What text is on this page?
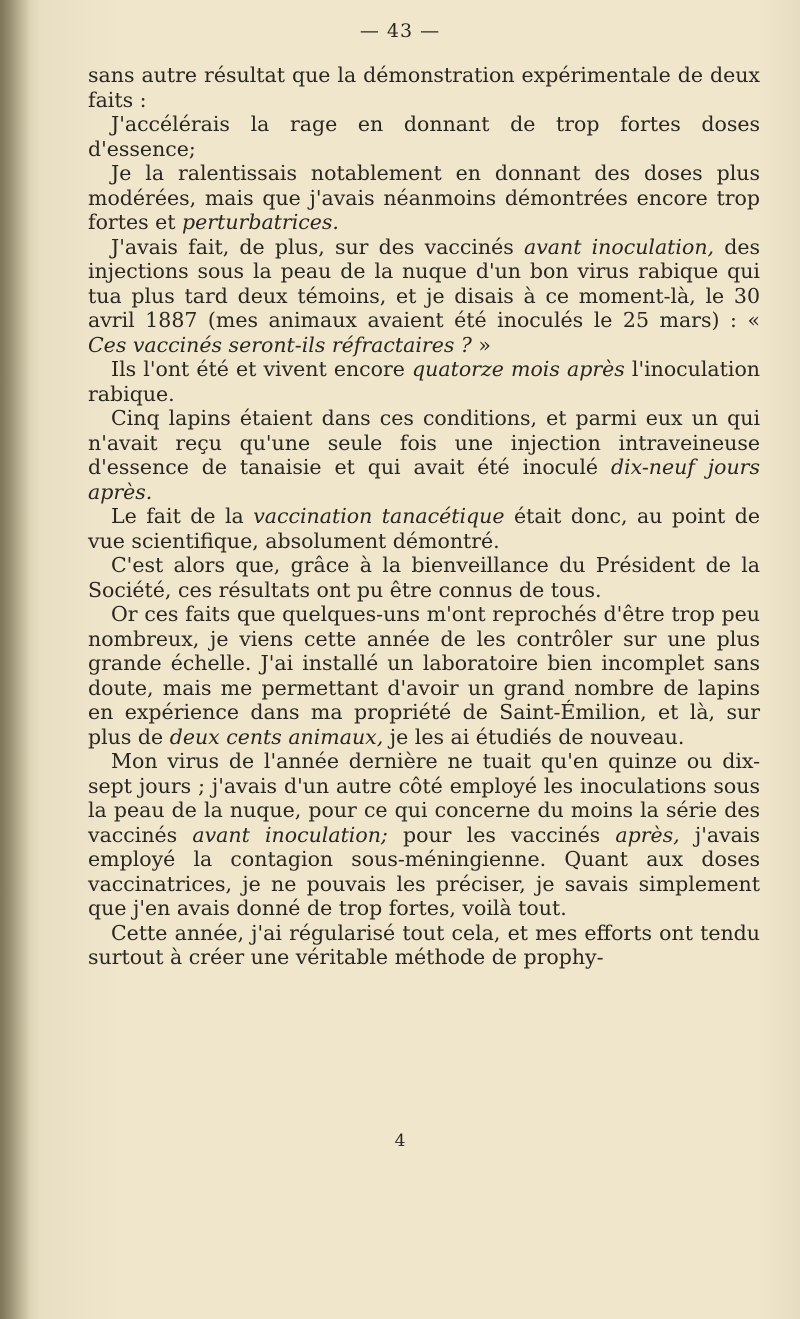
— 43 —

sans autre résultat que la démonstration expérimentale de deux faits :

J'accélérais la rage en donnant de trop fortes doses d'essence;

Je la ralentissais notablement en donnant des doses plus modérées, mais que j'avais néanmoins démontrées encore trop fortes et perturbatrices.

J'avais fait, de plus, sur des vaccinés avant inoculation, des injections sous la peau de la nuque d'un bon virus rabique qui tua plus tard deux témoins, et je disais à ce moment-là, le 30 avril 1887 (mes animaux avaient été inoculés le 25 mars) : « Ces vaccinés seront-ils réfractaires ? »

Ils l'ont été et vivent encore quatorze mois après l'inoculation rabique.

Cinq lapins étaient dans ces conditions, et parmi eux un qui n'avait reçu qu'une seule fois une injection intraveineuse d'essence de tanaisie et qui avait été inoculé dix-neuf jours après.

Le fait de la vaccination tanacétique était donc, au point de vue scientifique, absolument démontré.

C'est alors que, grâce à la bienveillance du Président de la Société, ces résultats ont pu être connus de tous.

Or ces faits que quelques-uns m'ont reprochés d'être trop peu nombreux, je viens cette année de les contrôler sur une plus grande échelle. J'ai installé un laboratoire bien incomplet sans doute, mais me permettant d'avoir un grand nombre de lapins en expérience dans ma propriété de Saint-Émilion, et là, sur plus de deux cents animaux, je les ai étudiés de nouveau.

Mon virus de l'année dernière ne tuait qu'en quinze ou dix-sept jours ; j'avais d'un autre côté employé les inoculations sous la peau de la nuque, pour ce qui concerne du moins la série des vaccinés avant inoculation; pour les vaccinés après, j'avais employé la contagion sous-méningienne. Quant aux doses vaccinatrices, je ne pouvais les préciser, je savais simplement que j'en avais donné de trop fortes, voilà tout.

Cette année, j'ai régularisé tout cela, et mes efforts ont tendu surtout à créer une véritable méthode de prophy-

4
